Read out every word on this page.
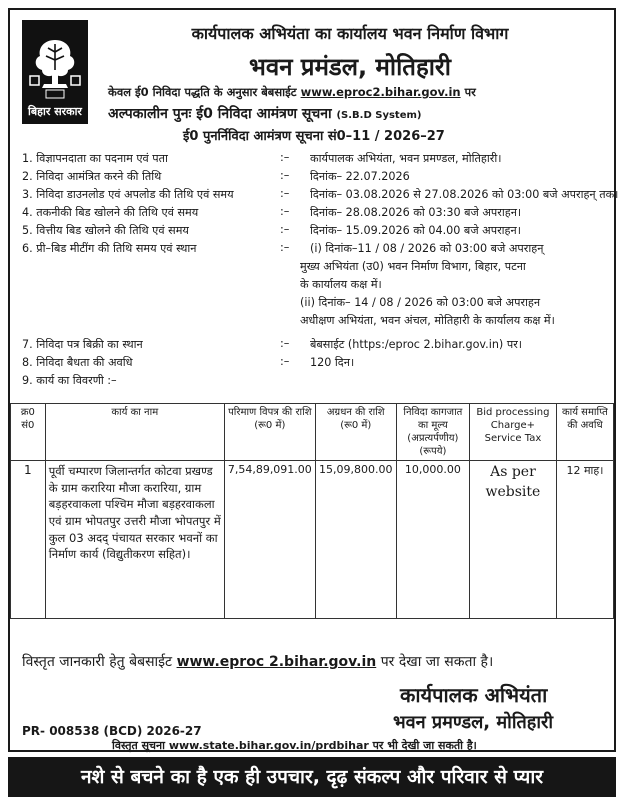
बिहार सरकार
कार्यपालक अभियंता का कार्यालय भवन निर्माण विभाग
भवन प्रमंडल, मोतिहारी
केवल ई0 निविदा पद्धति के अनुसार बेबसाईट www.eproc2.bihar.gov.in पर
अल्पकालीन पुनः ई0 निविदा आमंत्रण सूचना (S.B.D System)
ई0 पुनर्निविदा आमंत्रण सूचना सं0–11 / 2026–27
1. विज्ञापनदाता का पदनाम एवं पता	:– कार्यपालक अभियंता, भवन प्रमण्डल, मोतिहारी।
2. निविदा आमंत्रित करने की तिथि	:– दिनांक– 22.07.2026
3. निविदा डाउनलोड एवं अपलोड की तिथि एवं समय	:– दिनांक– 03.08.2026 से 27.08.2026 को 03:00 बजे अपराहन् तक।
4. तकनीकी बिड खोलने की तिथि एवं समय	:– दिनांक– 28.08.2026 को 03:30 बजे अपराहन।
5. वित्तीय बिड खोलने की तिथि एवं समय	:– दिनांक– 15.09.2026 को 04.00 बजे अपराहन।
6. प्री–बिड मीटींग की तिथि समय एवं स्थान	:– (i) दिनांक–11 / 08 / 2026 को 03:00 बजे अपराहन्
मुख्य अभियंता (उ0) भवन निर्माण विभाग, बिहार, पटना
के कार्यालय कक्ष में।
(ii) दिनांक– 14 / 08 / 2026 को 03:00 बजे अपराहन
अधीक्षण अभियंता, भवन अंचल, मोतिहारी के कार्यालय कक्ष में।
7. निविदा पत्र बिक्री का स्थान	:– बेबसाईट (https:/eproc 2.bihar.gov.in) पर।
8. निविदा बैधता की अवधि	:– 120 दिन।
9. कार्य का विवरणी :–
क्र0 सं0	कार्य का नाम	परिमाण विपत्र की राशि (रू0 में)	अग्रधन की राशि (रू0 में)	निविदा कागजात का मूल्य (अप्रत्यर्पणीय) (रूपये)	Bid processing Charge+ Service Tax	कार्य समाप्ति की अवधि
1	पूर्वी चम्पारण जिलान्तर्गत कोटवा प्रखण्ड के ग्राम करारिया मौजा करारिया, ग्राम बड़हरवाकला पश्चिम मौजा बड़हरवाकला एवं ग्राम भोपतपुर उत्तरी मौजा भोपतपुर में कुल 03 अदद् पंचायत सरकार भवनों का निर्माण कार्य (विद्युतीकरण सहित)।	7,54,89,091.00	15,09,800.00	10,000.00	As per website	12 माह।
विस्तृत जानकारी हेतु बेबसाईट www.eproc 2.bihar.gov.in पर देखा जा सकता है।
कार्यपालक अभियंता
भवन प्रमण्डल, मोतिहारी
PR- 008538 (BCD) 2026-27
विस्तृत सूचना www.state.bihar.gov.in/prdbihar पर भी देखी जा सकती है।
नशे से बचने का है एक ही उपचार, दृढ़ संकल्प और परिवार से प्यार
